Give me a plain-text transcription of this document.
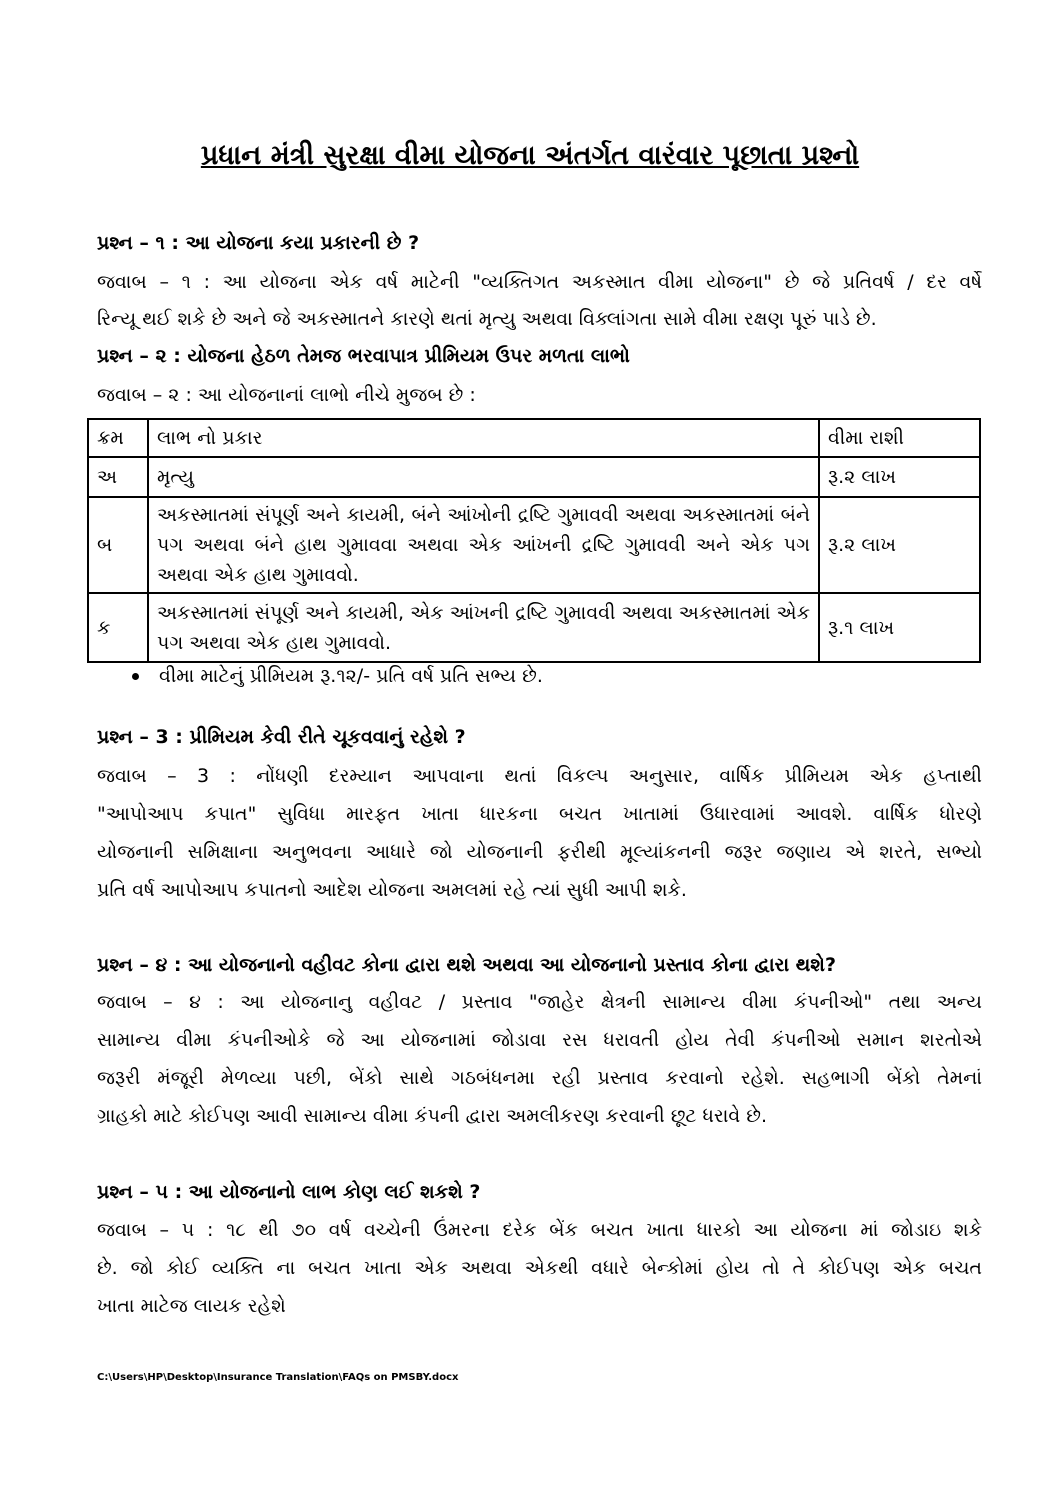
પ્રધાન મંત્રી સુરક્ષા વીમા યોજના અંતર્ગત વારંવાર પૂછાતા પ્રશ્નો
પ્રશ્ન – ૧ : આ યોજના કયા પ્રકારની છે ?
જવાબ – ૧ : આ યોજના એક વર્ષ માટેની "વ્યક્તિગત અકસ્માત વીમા યોજના" છે જે પ્રતિવર્ષ / દર વર્ષે
રિન્યૂ થઈ શકે છે અને જે અકસ્માતને કારણે થતાં મૃત્યુ અથવા વિક્લાંગતા સામે વીમા રક્ષણ પૂરું પાડે છે.
પ્રશ્ન – ૨ : યોજના હેઠળ તેમજ ભરવાપાત્ર પ્રીમિયમ ઉપર મળતા લાભો
જવાબ – ૨ : આ યોજનાનાં લાભો નીચે મુજબ છે :
ક્રમ	લાભ નો પ્રકાર	વીમા રાશી
અ	મૃત્યુ	રૂ.૨ લાખ
બ	અકસ્માતમાં સંપૂર્ણ અને કાયમી, બંને આંખોની દ્રષ્ટિ ગુમાવવી અથવા અકસ્માતમાં બંને પગ અથવા બંને હાથ ગુમાવવા અથવા એક આંખની દ્રષ્ટિ ગુમાવવી અને એક પગ અથવા એક હાથ ગુમાવવો.	રૂ.૨ લાખ
ક	અકસ્માતમાં સંપૂર્ણ અને કાયમી, એક આંખની દ્રષ્ટિ ગુમાવવી અથવા અકસ્માતમાં એક પગ અથવા એક હાથ ગુમાવવો.	રૂ.૧ લાખ
વીમા માટેનું પ્રીમિયમ રૂ.૧૨/- પ્રતિ વર્ષ પ્રતિ સભ્ય છે.
પ્રશ્ન – 3 : પ્રીમિયમ કેવી રીતે ચૂકવવાનું રહેશે ?
જવાબ – 3 : નોંધણી દરમ્યાન આપવાના થતાં વિકલ્પ અનુસાર, વાર્ષિક પ્રીમિયમ એક હપ્તાથી
"આપોઆપ કપાત" સુવિધા મારફત ખાતા ધારકના બચત ખાતામાં ઉધારવામાં આવશે. વાર્ષિક ધોરણે
યોજનાની સમિક્ષાના અનુભવના આધારે જો યોજનાની ફરીથી મૂલ્યાંકનની જરૂર જણાય એ શરતે, સભ્યો
પ્રતિ વર્ષ આપોઆપ કપાતનો આદેશ યોજના અમલમાં રહે ત્યાં સુધી આપી શકે.
પ્રશ્ન – ૪ : આ યોજનાનો વહીવટ કોના દ્વારા થશે અથવા આ યોજનાનો પ્રસ્તાવ કોના દ્વારા થશે?
જવાબ – ૪ : આ યોજનાનુ વહીવટ / પ્રસ્તાવ "જાહેર ક્ષેત્રની સામાન્ય વીમા કંપનીઓ" તથા અન્ય
સામાન્ય વીમા કંપનીઓકે જે આ યોજનામાં જોડાવા રસ ધરાવતી હોય તેવી કંપનીઓ સમાન શરતોએ
જરૂરી મંજૂરી મેળવ્યા પછી, બેંકો સાથે ગઠબંધનમા રહી પ્રસ્તાવ કરવાનો રહેશે. સહભાગી બેંકો તેમનાં
ગ્રાહકો માટે કોઈપણ આવી સામાન્ય વીમા કંપની દ્વારા અમલીકરણ કરવાની છૂટ ધરાવે છે.
પ્રશ્ન – ૫ : આ યોજનાનો લાભ કોણ લઈ શકશે ?
જવાબ – ૫ : ૧૮ થી ૭૦ વર્ષ વચ્ચેની ઉંમરના દરેક બેંક બચત ખાતા ધારકો આ યોજના માં જોડાઇ શકે
છે. જો કોઈ વ્યક્તિ ના બચત ખાતા એક અથવા એકથી વધારે બેન્કોમાં હોય તો તે કોઈપણ એક બચત
ખાતા માટેજ લાયક રહેશે
C:\Users\HP\Desktop\Insurance Translation\FAQs on PMSBY.docx
